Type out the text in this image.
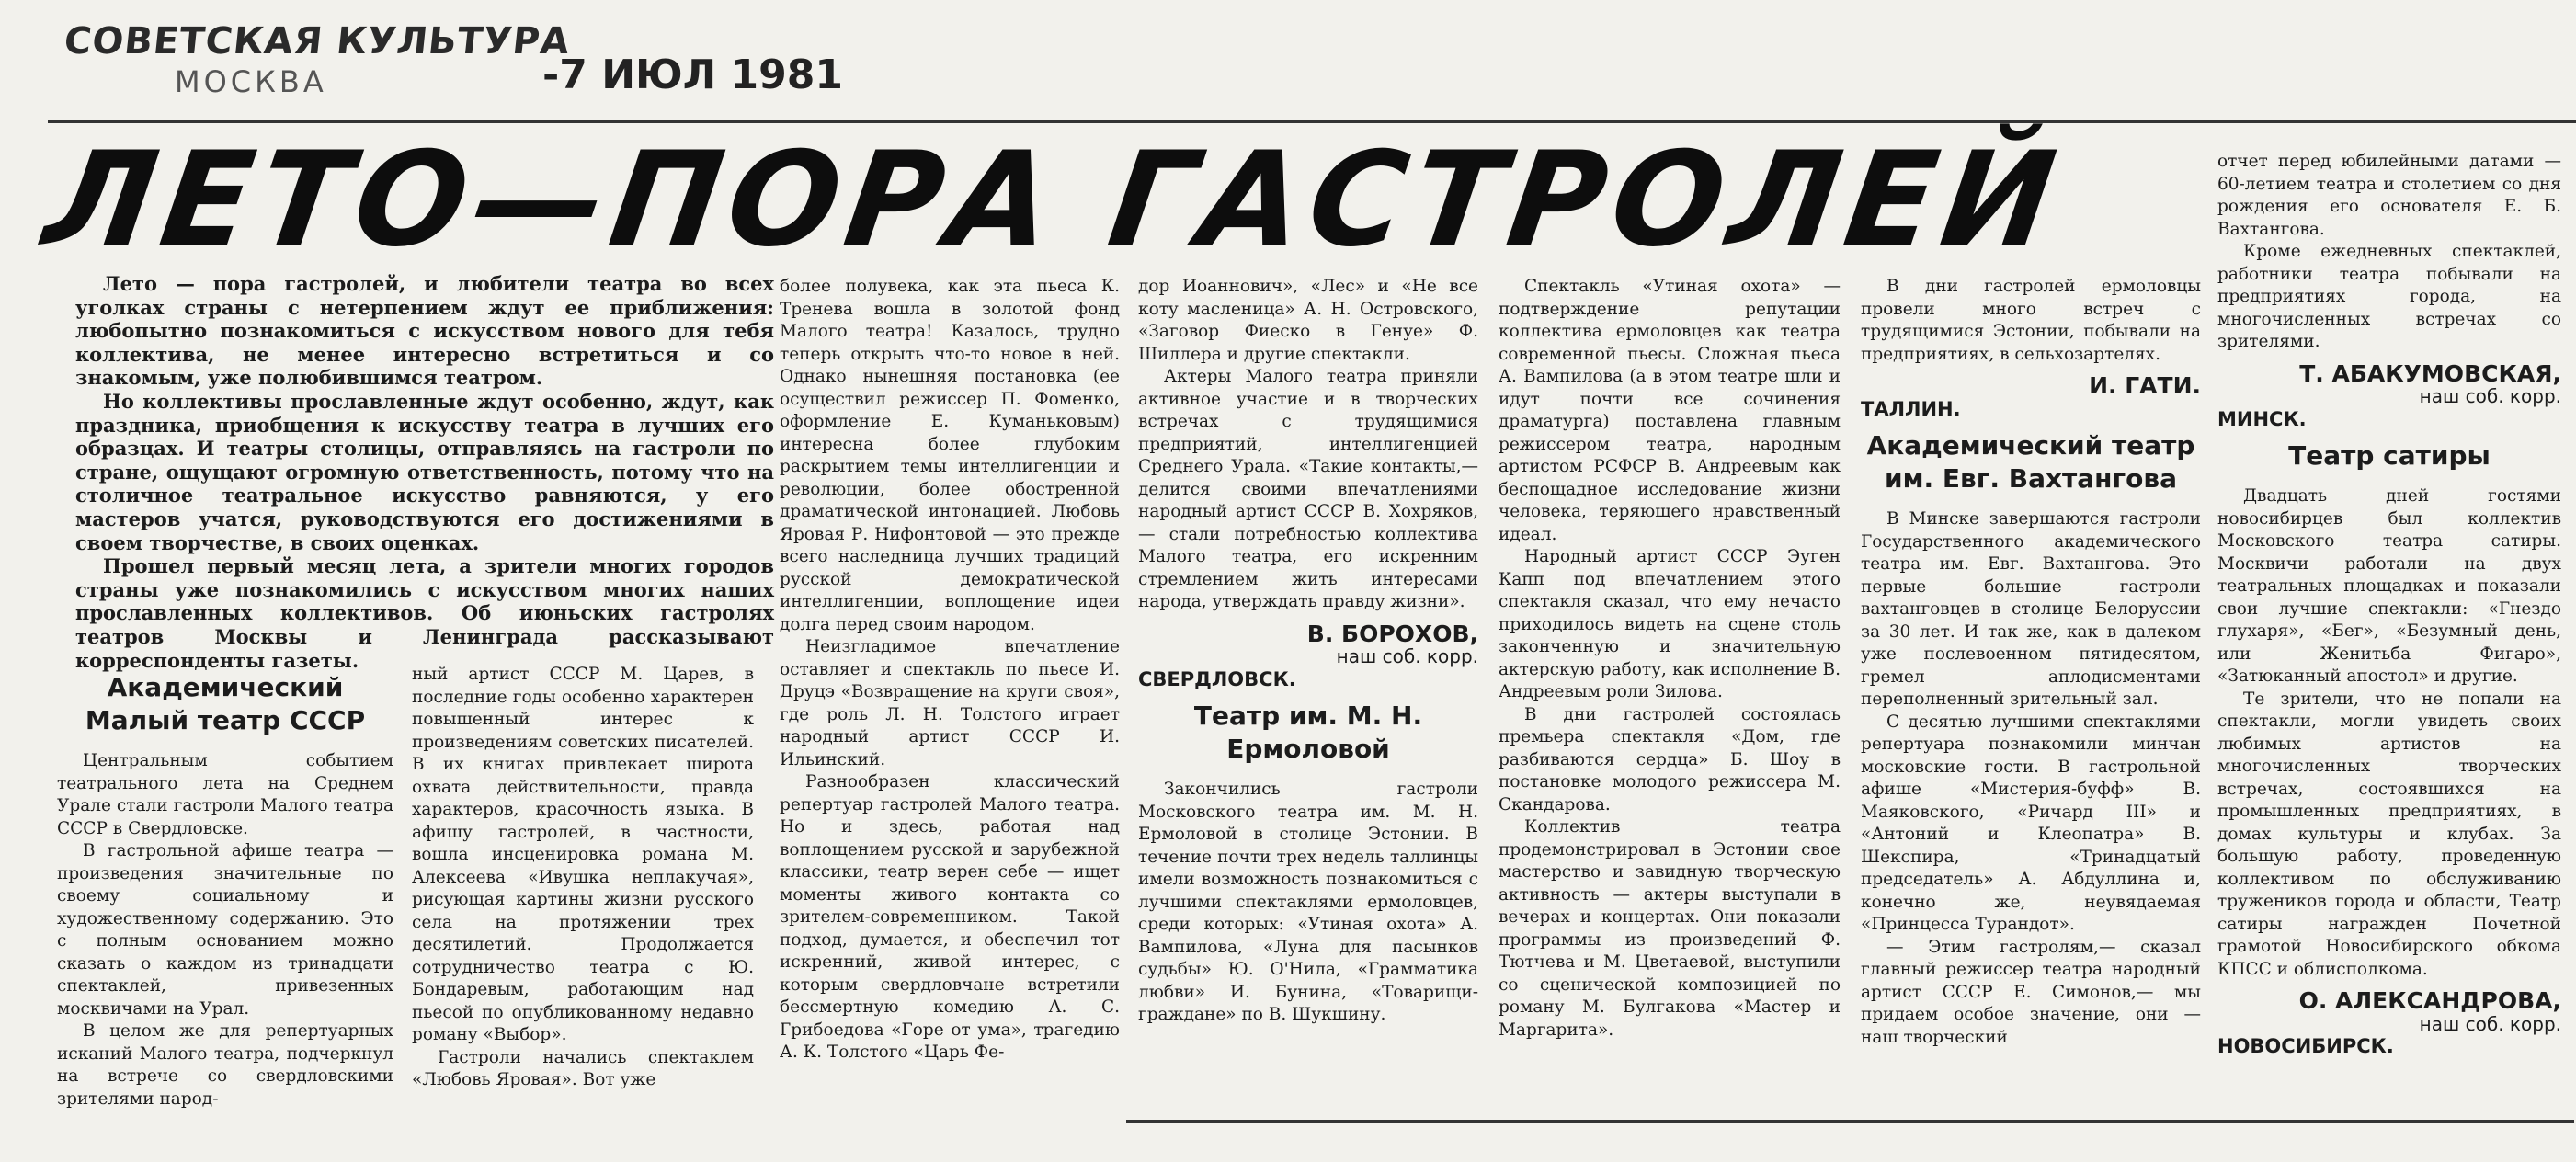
СОВЕТСКАЯ КУЛЬТУРА
МОСКВА	-7 ИЮЛ 1981
ЛЕТО—ПОРА ГАСТРОЛЕЙ

Лето — пора гастролей, и любители театра во всех уголках страны с нетерпением ждут ее приближения: любопытно познакомиться с искусством нового для тебя коллектива, не менее интересно встретиться и со знакомым, уже полюбившимся театром.

Но коллективы прославленные ждут особенно, ждут, как праздника, приобщения к искусству театра в лучших его образцах. И театры столицы, отправляясь на гастроли по стране, ощущают огромную ответственность, потому что на столичное театральное искусство равняются, у его мастеров учатся, руководствуются его достижениями в своем творчестве, в своих оценках.

Прошел первый месяц лета, а зрители многих городов страны уже познакомились с искусством многих наших прославленных коллективов. Об июньских гастролях театров Москвы и Ленинграда рассказывают корреспонденты газеты.

Академический Малый театр СССР

Центральным событием театрального лета на Среднем Урале стали гастроли Малого театра СССР в Свердловске.

В гастрольной афише театра — произведения значительные по своему социальному и художественному содержанию. Это с полным основанием можно сказать о каждом из тринадцати спектаклей, привезенных москвичами на Урал.

В целом же для репертуарных исканий Малого театра, подчеркнул на встрече со свердловскими зрителями народ-

ный артист СССР М. Царев, в последние годы особенно характерен повышенный интерес к произведениям советских писателей. В их книгах привлекает широта охвата действительности, правда характеров, красочность языка. В афишу гастролей, в частности, вошла инсценировка романа М. Алексеева «Ивушка неплакучая», рисующая картины жизни русского села на протяжении трех десятилетий. Продолжается сотрудничество театра с Ю. Бондаревым, работающим над пьесой по опубликованному недавно роману «Выбор».

Гастроли начались спектаклем «Любовь Яровая». Вот уже

более полувека, как эта пьеса К. Тренева вошла в золотой фонд Малого театра! Казалось, трудно теперь открыть что-то новое в ней. Однако нынешняя постановка (ее осуществил режиссер П. Фоменко, оформление Е. Куманьковым) интересна более глубоким раскрытием темы интеллигенции и революции, более обостренной драматической интонацией. Любовь Яровая Р. Нифонтовой — это прежде всего наследница лучших традиций русской демократической интеллигенции, воплощение идеи долга перед своим народом.

Неизгладимое впечатление оставляет и спектакль по пьесе И. Друцэ «Возвращение на круги своя», где роль Л. Н. Толстого играет народный артист СССР И. Ильинский.

Разнообразен классический репертуар гастролей Малого театра. Но и здесь, работая над воплощением русской и зарубежной классики, театр верен себе — ищет моменты живого контакта со зрителем-современником. Такой подход, думается, и обеспечил тот искренний, живой интерес, с которым свердловчане встретили бессмертную комедию А. С. Грибоедова «Горе от ума», трагедию А. К. Толстого «Царь Фе-

дор Иоаннович», «Лес» и «Не все коту масленица» А. Н. Островского, «Заговор Фиеско в Генуе» Ф. Шиллера и другие спектакли.

Актеры Малого театра приняли активное участие и в творческих встречах с трудящимися предприятий, интеллигенцией Среднего Урала. «Такие контакты,— делится своими впечатлениями народный артист СССР В. Хохряков,— стали потребностью коллектива Малого театра, его искренним стремлением жить интересами народа, утверждать правду жизни».

В. БОРОХОВ,
наш соб. корр.
СВЕРДЛОВСК.
Театр им. М. Н. Ермоловой

Закончились гастроли Московского театра им. М. Н. Ермоловой в столице Эстонии. В течение почти трех недель таллинцы имели возможность познакомиться с лучшими спектаклями ермоловцев, среди которых: «Утиная охота» А. Вампилова, «Луна для пасынков судьбы» Ю. О'Нила, «Грамматика любви» И. Бунина, «Товарищи-граждане» по В. Шукшину.

Спектакль «Утиная охота» — подтверждение репутации коллектива ермоловцев как театра современной пьесы. Сложная пьеса А. Вампилова (а в этом театре шли и идут почти все сочинения драматурга) поставлена главным режиссером театра, народным артистом РСФСР В. Андреевым как беспощадное исследование жизни человека, теряющего нравственный идеал.

Народный артист СССР Эуген Капп под впечатлением этого спектакля сказал, что ему нечасто приходилось видеть на сцене столь законченную и значительную актерскую работу, как исполнение В. Андреевым роли Зилова.

В дни гастролей состоялась премьера спектакля «Дом, где разбиваются сердца» Б. Шоу в постановке молодого режиссера М. Скандарова.

Коллектив театра продемонстрировал в Эстонии свое мастерство и завидную творческую активность — актеры выступали в вечерах и концертах. Они показали программы из произведений Ф. Тютчева и М. Цветаевой, выступили со сценической композицией по роману М. Булгакова «Мастер и Маргарита».

В дни гастролей ермоловцы провели много встреч с трудящимися Эстонии, побывали на предприятиях, в сельхозартелях.

И. ГАТИ.
ТАЛЛИН.
Академический театр им. Евг. Вахтангова

В Минске завершаются гастроли Государственного академического театра им. Евг. Вахтангова. Это первые большие гастроли вахтанговцев в столице Белоруссии за 30 лет. И так же, как в далеком уже послевоенном пятидесятом, гремел аплодисментами переполненный зрительный зал.

С десятью лучшими спектаклями репертуара познакомили минчан московские гости. В гастрольной афише «Мистерия-буфф» В. Маяковского, «Ричард III» и «Антоний и Клеопатра» В. Шекспира, «Тринадцатый председатель» А. Абдуллина и, конечно же, неувядаемая «Принцесса Турандот».

— Этим гастролям,— сказал главный режиссер театра народный артист СССР Е. Симонов,— мы придаем особое значение, они — наш творческий

отчет перед юбилейными датами — 60-летием театра и столетием со дня рождения его основателя Е. Б. Вахтангова.

Кроме ежедневных спектаклей, работники театра побывали на предприятиях города, на многочисленных встречах со зрителями.

Т. АБАКУМОВСКАЯ,
наш соб. корр.
МИНСК.
Театр сатиры

Двадцать дней гостями новосибирцев был коллектив Московского театра сатиры. Москвичи работали на двух театральных площадках и показали свои лучшие спектакли: «Гнездо глухаря», «Бег», «Безумный день, или Женитьба Фигаро», «Затюканный апостол» и другие.

Те зрители, что не попали на спектакли, могли увидеть своих любимых артистов на многочисленных творческих встречах, состоявшихся на промышленных предприятиях, в домах культуры и клубах. За большую работу, проведенную коллективом по обслуживанию тружеников города и области, Театр сатиры награжден Почетной грамотой Новосибирского обкома КПСС и облисполкома.

О. АЛЕКСАНДРОВА,
наш соб. корр.
НОВОСИБИРСК.
